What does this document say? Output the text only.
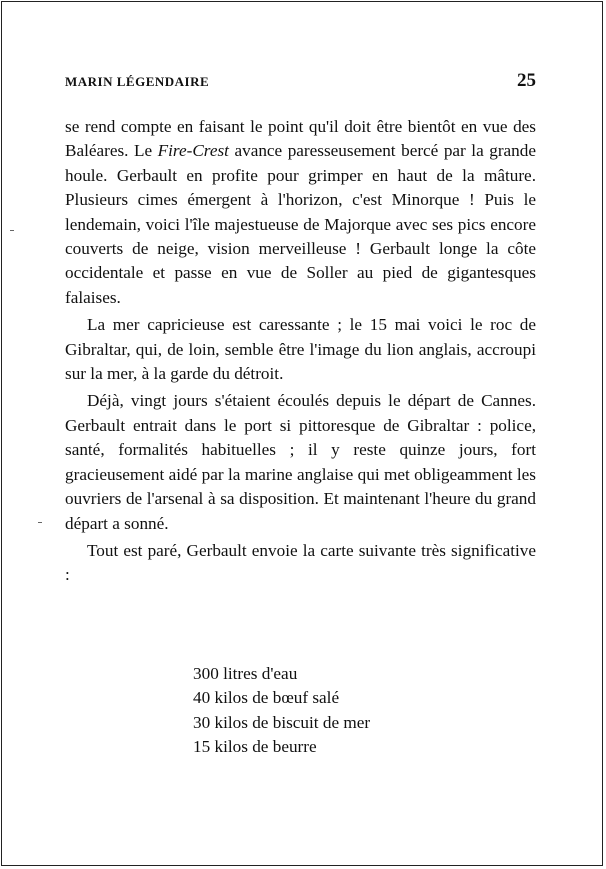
MARIN LÉGENDAIRE	25

se rend compte en faisant le point qu'il doit être bientôt en vue des Baléares. Le Fire-Crest avance paresseusement bercé par la grande houle. Gerbault en profite pour grimper en haut de la mâture. Plusieurs cimes émergent à l'horizon, c'est Minorque ! Puis le lendemain, voici l'île majestueuse de Majorque avec ses pics encore couverts de neige, vision merveilleuse ! Gerbault longe la côte occidentale et passe en vue de Soller au pied de gigantesques falaises.

La mer capricieuse est caressante ; le 15 mai voici le roc de Gibraltar, qui, de loin, semble être l'image du lion anglais, accroupi sur la mer, à la garde du détroit.

Déjà, vingt jours s'étaient écoulés depuis le départ de Cannes. Gerbault entrait dans le port si pittoresque de Gibraltar : police, santé, formalités habituelles ; il y reste quinze jours, fort gracieusement aidé par la marine anglaise qui met obligeamment les ouvriers de l'arsenal à sa disposition. Et maintenant l'heure du grand départ a sonné.

Tout est paré, Gerbault envoie la carte suivante très significative :

300 litres d'eau
40 kilos de bœuf salé
30 kilos de biscuit de mer
15 kilos de beurre
